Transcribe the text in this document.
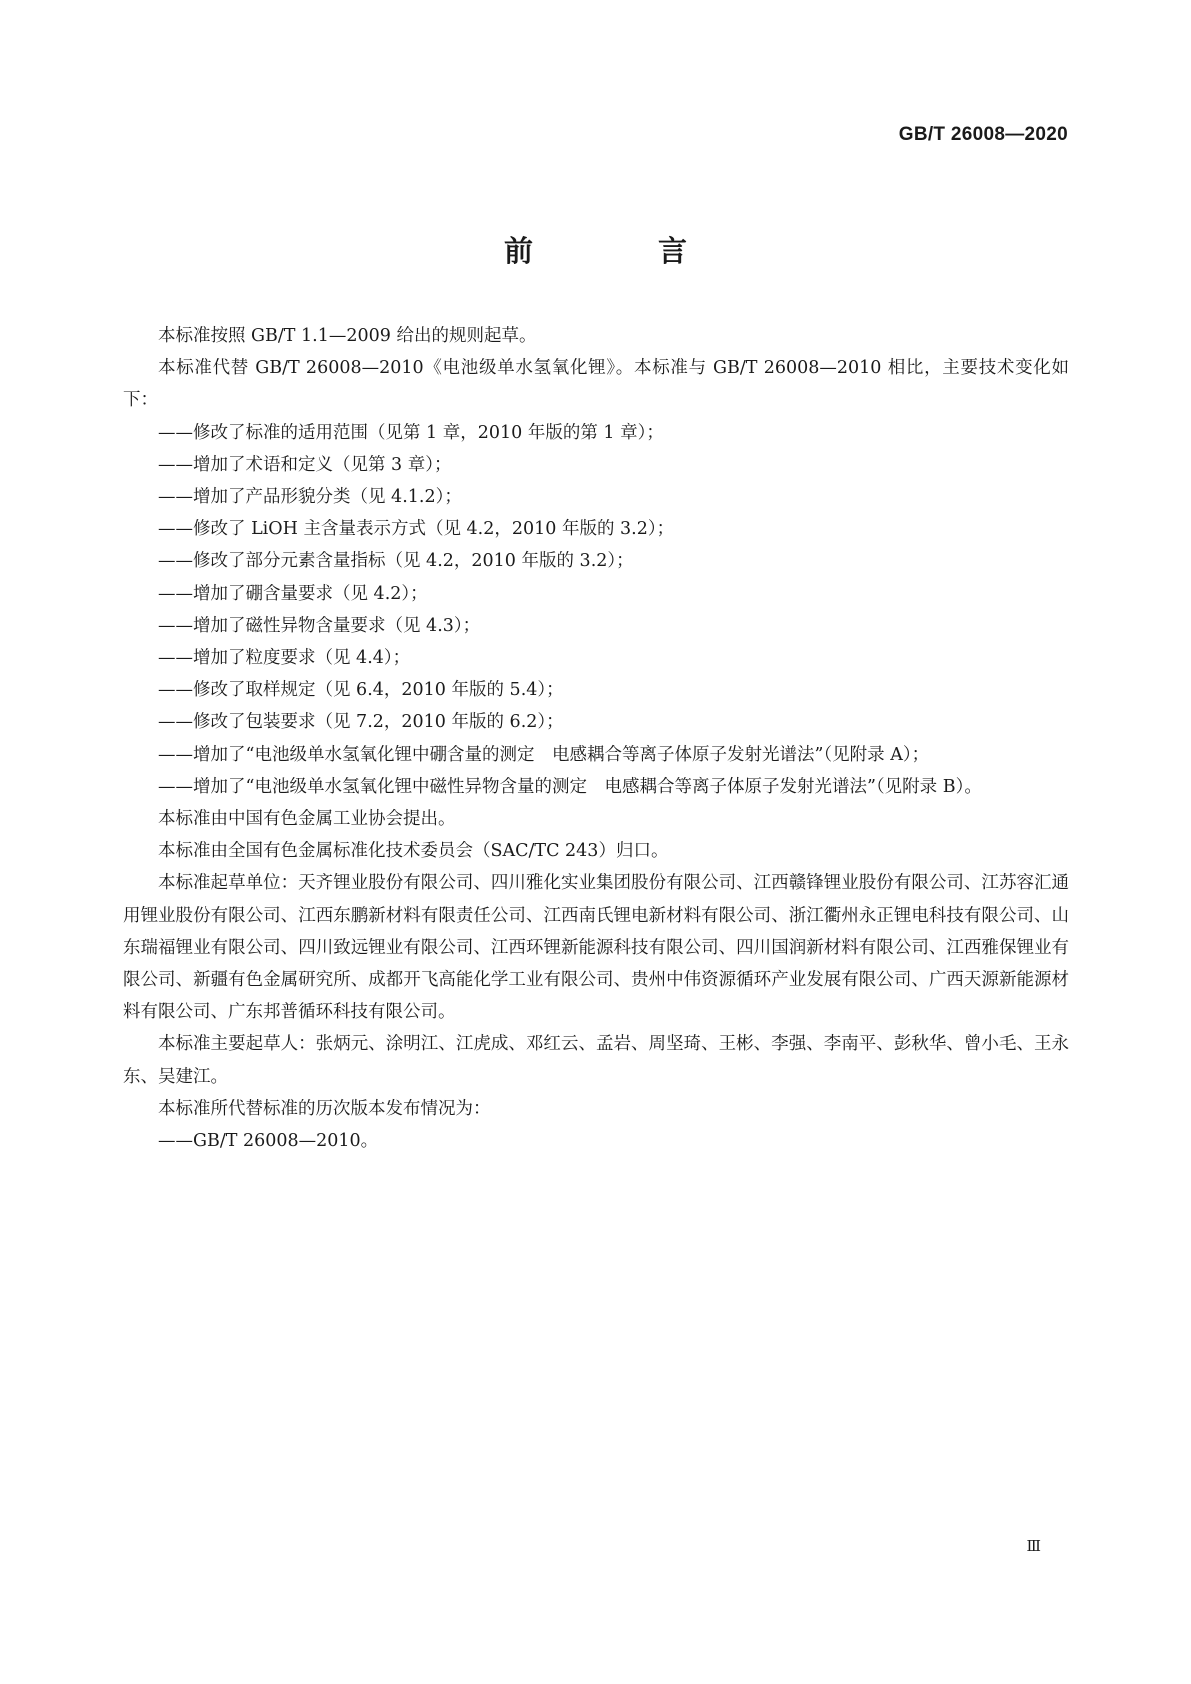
GB/T 26008—2020
前　言

本标准按照 GB/T 1.1—2009 给出的规则起草。

本标准代替 GB/T 26008—2010《电池级单水氢氧化锂》。本标准与 GB/T 26008—2010 相比，主要技术变化如下：

——修改了标准的适用范围（见第 1 章，2010 年版的第 1 章）；

——增加了术语和定义（见第 3 章）；

——增加了产品形貌分类（见 4.1.2）；

——修改了 LiOH 主含量表示方式（见 4.2，2010 年版的 3.2）；

——修改了部分元素含量指标（见 4.2，2010 年版的 3.2）；

——增加了硼含量要求（见 4.2）；

——增加了磁性异物含量要求（见 4.3）；

——增加了粒度要求（见 4.4）；

——修改了取样规定（见 6.4，2010 年版的 5.4）；

——修改了包装要求（见 7.2，2010 年版的 6.2）；

——增加了“电池级单水氢氧化锂中硼含量的测定　电感耦合等离子体原子发射光谱法”（见附录 A）；

——增加了“电池级单水氢氧化锂中磁性异物含量的测定　电感耦合等离子体原子发射光谱法”（见附录 B）。

本标准由中国有色金属工业协会提出。

本标准由全国有色金属标准化技术委员会（SAC/TC 243）归口。

本标准起草单位：天齐锂业股份有限公司、四川雅化实业集团股份有限公司、江西赣锋锂业股份有限公司、江苏容汇通用锂业股份有限公司、江西东鹏新材料有限责任公司、江西南氏锂电新材料有限公司、浙江衢州永正锂电科技有限公司、山东瑞福锂业有限公司、四川致远锂业有限公司、江西环锂新能源科技有限公司、四川国润新材料有限公司、江西雅保锂业有限公司、新疆有色金属研究所、成都开飞高能化学工业有限公司、贵州中伟资源循环产业发展有限公司、广西天源新能源材料有限公司、广东邦普循环科技有限公司。

本标准主要起草人：张炳元、涂明江、江虎成、邓红云、孟岩、周坚琦、王彬、李强、李南平、彭秋华、曾小毛、王永东、吴建江。

本标准所代替标准的历次版本发布情况为：

——GB/T 26008—2010。

Ⅲ
